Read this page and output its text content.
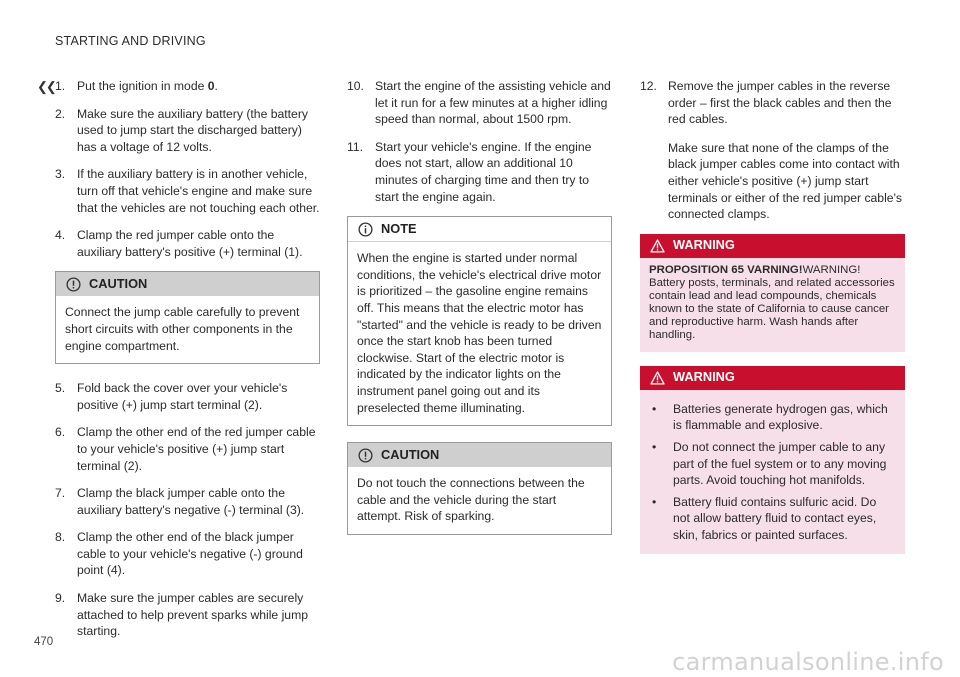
STARTING AND DRIVING
❮❮ 1. Put the ignition in mode 0.
2. Make sure the auxiliary battery (the battery used to jump start the discharged battery) has a voltage of 12 volts.
3. If the auxiliary battery is in another vehicle, turn off that vehicle's engine and make sure that the vehicles are not touching each other.
4. Clamp the red jumper cable onto the auxiliary battery's positive (+) terminal (1).
CAUTION
Connect the jump cable carefully to prevent short circuits with other components in the engine compartment.
5. Fold back the cover over your vehicle's positive (+) jump start terminal (2).
6. Clamp the other end of the red jumper cable to your vehicle's positive (+) jump start terminal (2).
7. Clamp the black jumper cable onto the auxiliary battery's negative (-) terminal (3).
8. Clamp the other end of the black jumper cable to your vehicle's negative (-) ground point (4).
9. Make sure the jumper cables are securely attached to help prevent sparks while jump starting.
10. Start the engine of the assisting vehicle and let it run for a few minutes at a higher idling speed than normal, about 1500 rpm.
11. Start your vehicle's engine. If the engine does not start, allow an additional 10 minutes of charging time and then try to start the engine again.
NOTE
When the engine is started under normal conditions, the vehicle's electrical drive motor is prioritized – the gasoline engine remains off. This means that the electric motor has "started" and the vehicle is ready to be driven once the start knob has been turned clockwise. Start of the electric motor is indicated by the indicator lights on the instrument panel going out and its preselected theme illuminating.
CAUTION
Do not touch the connections between the cable and the vehicle during the start attempt. Risk of sparking.
12. Remove the jumper cables in the reverse order – first the black cables and then the red cables.
Make sure that none of the clamps of the black jumper cables come into contact with either vehicle's positive (+) jump start terminals or either of the red jumper cable's connected clamps.
WARNING
PROPOSITION 65 VARNING!WARNING! Battery posts, terminals, and related accessories contain lead and lead compounds, chemicals known to the state of California to cause cancer and reproductive harm. Wash hands after handling.
WARNING
• Batteries generate hydrogen gas, which is flammable and explosive.
• Do not connect the jumper cable to any part of the fuel system or to any moving parts. Avoid touching hot manifolds.
• Battery fluid contains sulfuric acid. Do not allow battery fluid to contact eyes, skin, fabrics or painted surfaces.
470
carmanualsonline.info
